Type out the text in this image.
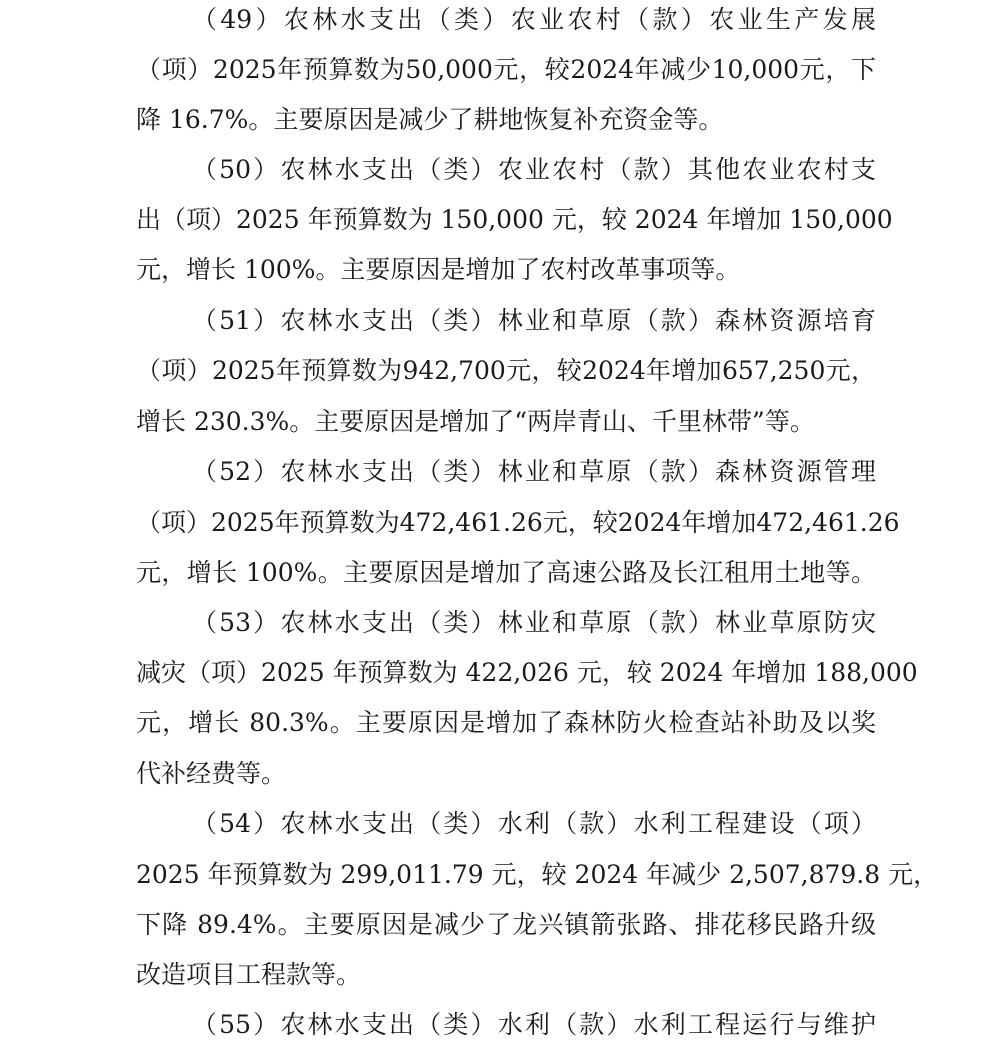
（49）农林水支出（类）农业农村（款）农业生产发展
（项）2025年预算数为50,000元，较2024年减少10,000元，下
降 16.7%。主要原因是减少了耕地恢复补充资金等。
（50）农林水支出（类）农业农村（款）其他农业农村支
出（项）2025 年预算数为 150,000 元，较 2024 年增加 150,000
元，增长 100%。主要原因是增加了农村改革事项等。
（51）农林水支出（类）林业和草原（款）森林资源培育
（项）2025年预算数为942,700元，较2024年增加657,250元，
增长 230.3%。主要原因是增加了“两岸青山、千里林带”等。
（52）农林水支出（类）林业和草原（款）森林资源管理
（项）2025年预算数为472,461.26元，较2024年增加472,461.26
元，增长 100%。主要原因是增加了高速公路及长江租用土地等。
（53）农林水支出（类）林业和草原（款）林业草原防灾
减灾（项）2025 年预算数为 422,026 元，较 2024 年增加 188,000
元，增长 80.3%。主要原因是增加了森林防火检查站补助及以奖
代补经费等。
（54）农林水支出（类）水利（款）水利工程建设（项）
2025 年预算数为 299,011.79 元，较 2024 年减少 2,507,879.8 元，
下降 89.4%。主要原因是减少了龙兴镇箭张路、排花移民路升级
改造项目工程款等。
（55）农林水支出（类）水利（款）水利工程运行与维护
